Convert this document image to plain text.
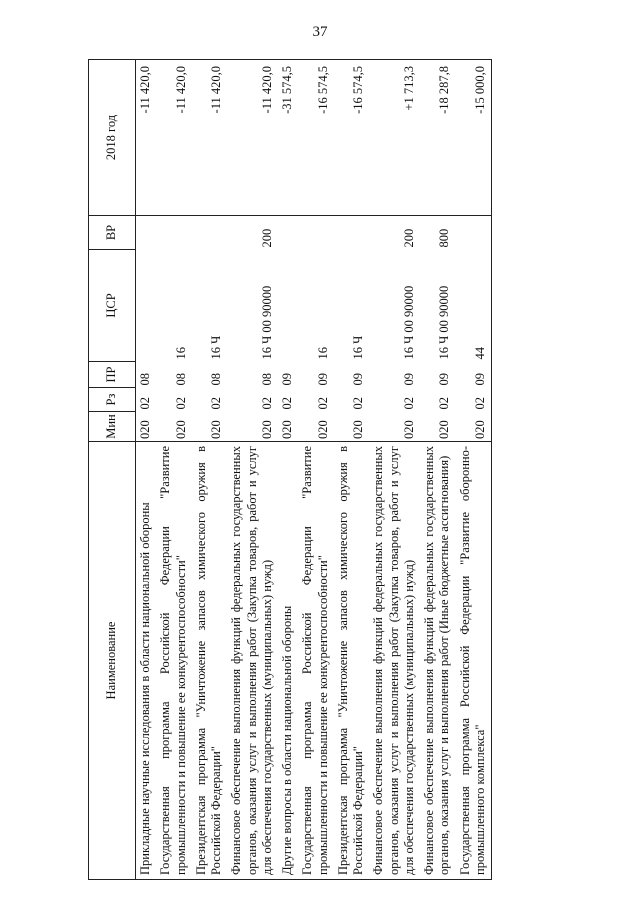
37
Наименование	Мин	Рз	ПР	ЦСР	ВР	2018 год
Прикладные научные исследования в области национальной обороны	020	02	08			-11 420,0
Государственная программа Российской Федерации "Развитие промышленности и повышение ее конкурентоспособности"	020	02	08	16		-11 420,0
Президентская программа "Уничтожение запасов химического оружия в Российской Федерации"	020	02	08	16 Ч		-11 420,0
Финансовое обеспечение выполнения функций федеральных государственных органов, оказания услуг и выполнения работ (Закупка товаров, работ и услуг для обеспечения государственных (муниципальных) нужд)	020	02	08	16 Ч 00 90000	200	-11 420,0
Другие вопросы в области национальной обороны	020	02	09			-31 574,5
Государственная программа Российской Федерации "Развитие промышленности и повышение ее конкурентоспособности"	020	02	09	16		-16 574,5
Президентская программа "Уничтожение запасов химического оружия в Российской Федерации"	020	02	09	16 Ч		-16 574,5
Финансовое обеспечение выполнения функций федеральных государственных органов, оказания услуг и выполнения работ (Закупка товаров, работ и услуг для обеспечения государственных (муниципальных) нужд)	020	02	09	16 Ч 00 90000	200	+1 713,3
Финансовое обеспечение выполнения функций федеральных государственных органов, оказания услуг и выполнения работ (Иные бюджетные ассигнования)	020	02	09	16 Ч 00 90000	800	-18 287,8
Государственная программа Российской Федерации "Развитие оборонно-промышленного комплекса"	020	02	09	44		-15 000,0
